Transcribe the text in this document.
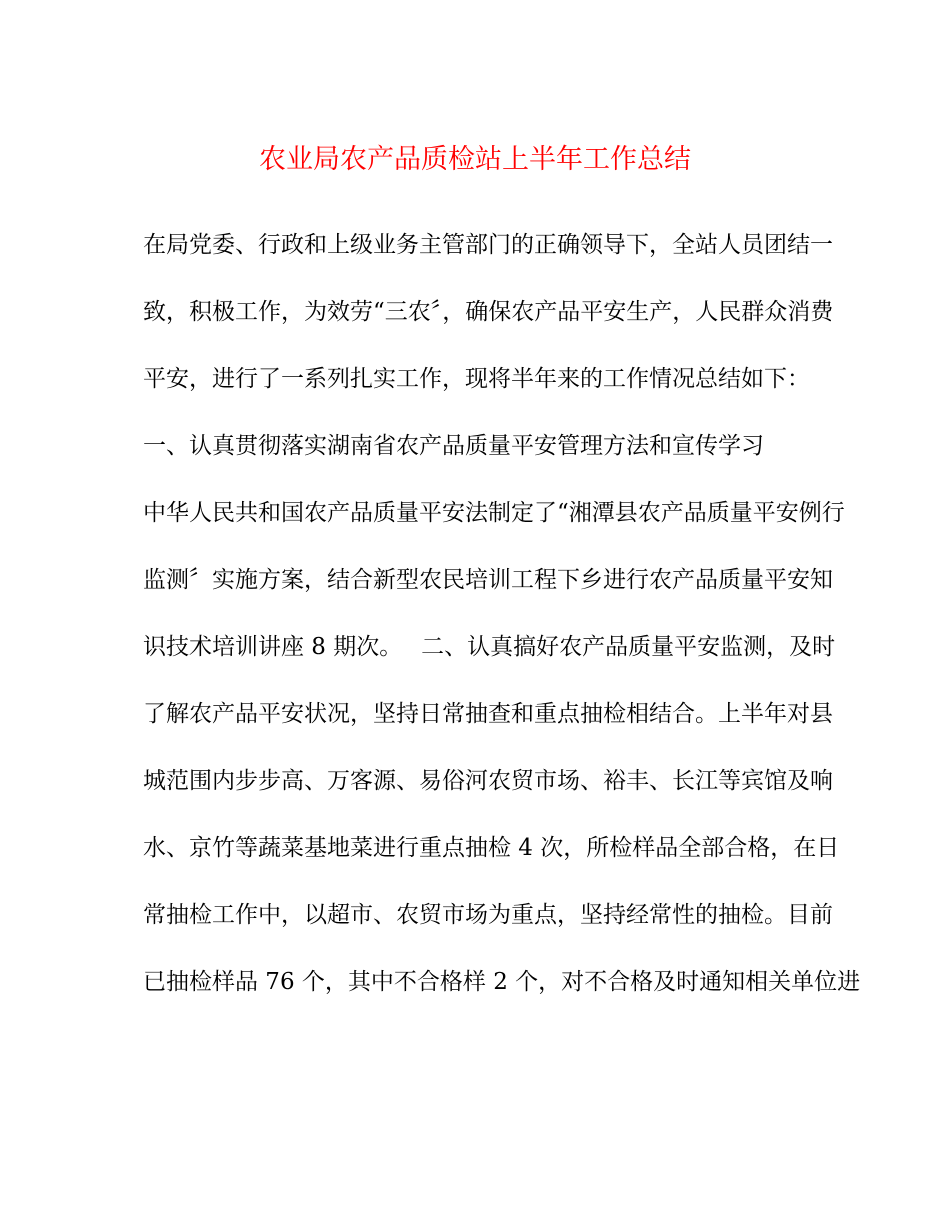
农业局农产品质检站上半年工作总结

在局党委、行政和上级业务主管部门的正确领导下，全站人员团结一

致，积极工作，为效劳“三农〞，确保农产品平安生产，人民群众消费

平安，进行了一系列扎实工作，现将半年来的工作情况总结如下：

一、认真贯彻落实湖南省农产品质量平安管理方法和宣传学习

中华人民共和国农产品质量平安法制定了“湘潭县农产品质量平安例行

监测〞实施方案，结合新型农民培训工程下乡进行农产品质量平安知

识技术培训讲座 8 期次。　 二、认真搞好农产品质量平安监测，及时

了解农产品平安状况，坚持日常抽查和重点抽检相结合。上半年对县

城范围内步步高、万客源、易俗河农贸市场、裕丰、长江等宾馆及响

水、京竹等蔬菜基地菜进行重点抽检 4 次，所检样品全部合格，在日

常抽检工作中，以超市、农贸市场为重点，坚持经常性的抽检。目前

已抽检样品 76 个，其中不合格样 2 个，对不合格及时通知相关单位进
